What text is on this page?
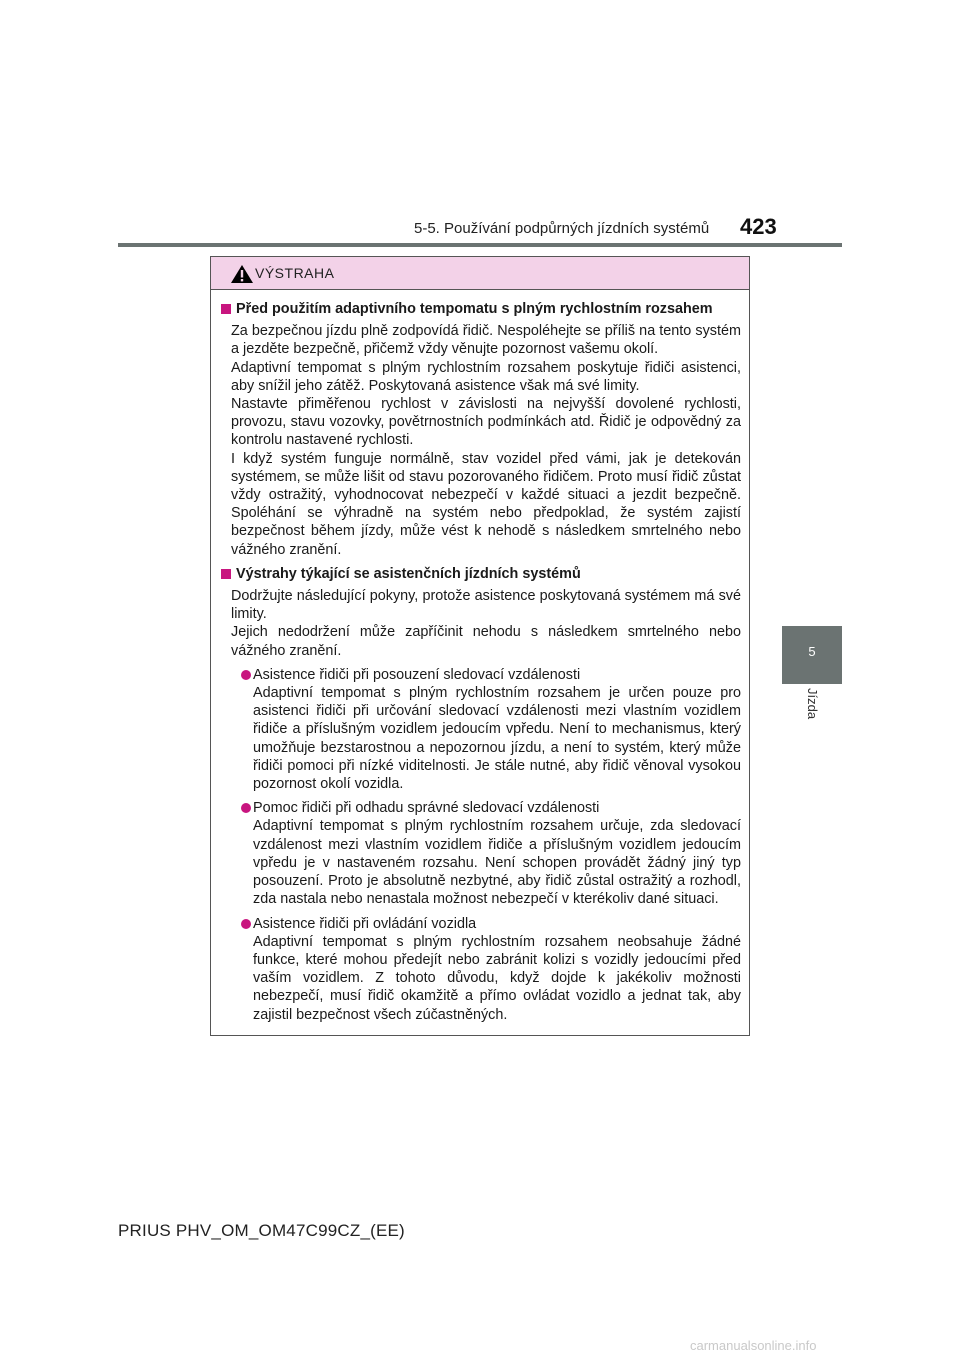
5-5. Používání podpůrných jízdních systémů 423
5
Jízda
VÝSTRAHA
Před použitím adaptivního tempomatu s plným rychlostním rozsahem

Za bezpečnou jízdu plně zodpovídá řidič. Nespoléhejte se příliš na tento systém a jezděte bezpečně, přičemž vždy věnujte pozornost vašemu okolí.

Adaptivní tempomat s plným rychlostním rozsahem poskytuje řidiči asistenci, aby snížil jeho zátěž. Poskytovaná asistence však má své limity.

Nastavte přiměřenou rychlost v závislosti na nejvyšší dovolené rychlosti, provozu, stavu vozovky, povětrnostních podmínkách atd. Řidič je odpovědný za kontrolu nastavené rychlosti.

I když systém funguje normálně, stav vozidel před vámi, jak je detekován systémem, se může lišit od stavu pozorovaného řidičem. Proto musí řidič zůstat vždy ostražitý, vyhodnocovat nebezpečí v každé situaci a jezdit bezpečně. Spoléhání se výhradně na systém nebo předpoklad, že systém zajistí bezpečnost během jízdy, může vést k nehodě s následkem smrtelného nebo vážného zranění.

Výstrahy týkající se asistenčních jízdních systémů

Dodržujte následující pokyny, protože asistence poskytovaná systémem má své limity.

Jejich nedodržení může zapříčinit nehodu s následkem smrtelného nebo vážného zranění.

Asistence řidiči při posouzení sledovací vzdálenosti
Adaptivní tempomat s plným rychlostním rozsahem je určen pouze pro asistenci řidiči při určování sledovací vzdálenosti mezi vlastním vozidlem řidiče a příslušným vozidlem jedoucím vpředu. Není to mechanismus, který umožňuje bezstarostnou a nepozornou jízdu, a není to systém, který může řidiči pomoci při nízké viditelnosti. Je stále nutné, aby řidič věnoval vysokou pozornost okolí vozidla.
Pomoc řidiči při odhadu správné sledovací vzdálenosti
Adaptivní tempomat s plným rychlostním rozsahem určuje, zda sledovací vzdálenost mezi vlastním vozidlem řidiče a příslušným vozidlem jedoucím vpředu je v nastaveném rozsahu. Není schopen provádět žádný jiný typ posouzení. Proto je absolutně nezbytné, aby řidič zůstal ostražitý a rozhodl, zda nastala nebo nenastala možnost nebezpečí v kterékoliv dané situaci.
Asistence řidiči při ovládání vozidla
Adaptivní tempomat s plným rychlostním rozsahem neobsahuje žádné funkce, které mohou předejít nebo zabránit kolizi s vozidly jedoucími před vaším vozidlem. Z tohoto důvodu, když dojde k jakékoliv možnosti nebezpečí, musí řidič okamžitě a přímo ovládat vozidlo a jednat tak, aby zajistil bezpečnost všech zúčastněných.
PRIUS PHV_OM_OM47C99CZ_(EE)
carmanualsonline.info
